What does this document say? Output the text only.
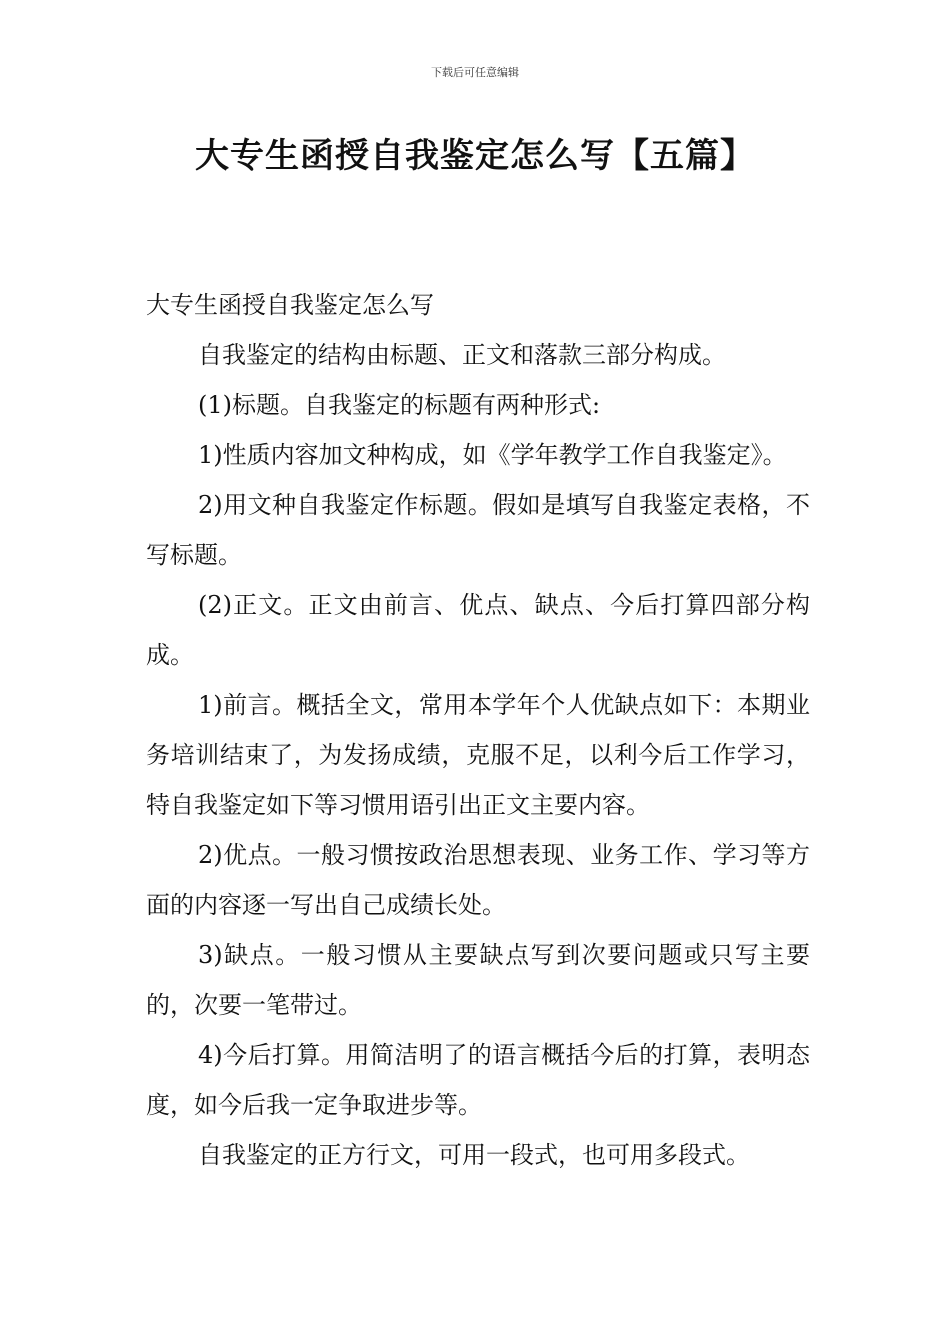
下载后可任意编辑
大专生函授自我鉴定怎么写【五篇】

大专生函授自我鉴定怎么写

自我鉴定的结构由标题、正文和落款三部分构成。

(1)标题。自我鉴定的标题有两种形式:

1)性质内容加文种构成，如《学年教学工作自我鉴定》。

2)用文种自我鉴定作标题。假如是填写自我鉴定表格，不写标题。

(2)正文。正文由前言、优点、缺点、今后打算四部分构成。

1)前言。概括全文，常用本学年个人优缺点如下：本期业务培训结束了，为发扬成绩，克服不足，以利今后工作学习，特自我鉴定如下等习惯用语引出正文主要内容。

2)优点。一般习惯按政治思想表现、业务工作、学习等方面的内容逐一写出自己成绩长处。

3)缺点。一般习惯从主要缺点写到次要问题或只写主要的，次要一笔带过。

4)今后打算。用简洁明了的语言概括今后的打算，表明态度，如今后我一定争取进步等。

自我鉴定的正方行文，可用一段式，也可用多段式。
